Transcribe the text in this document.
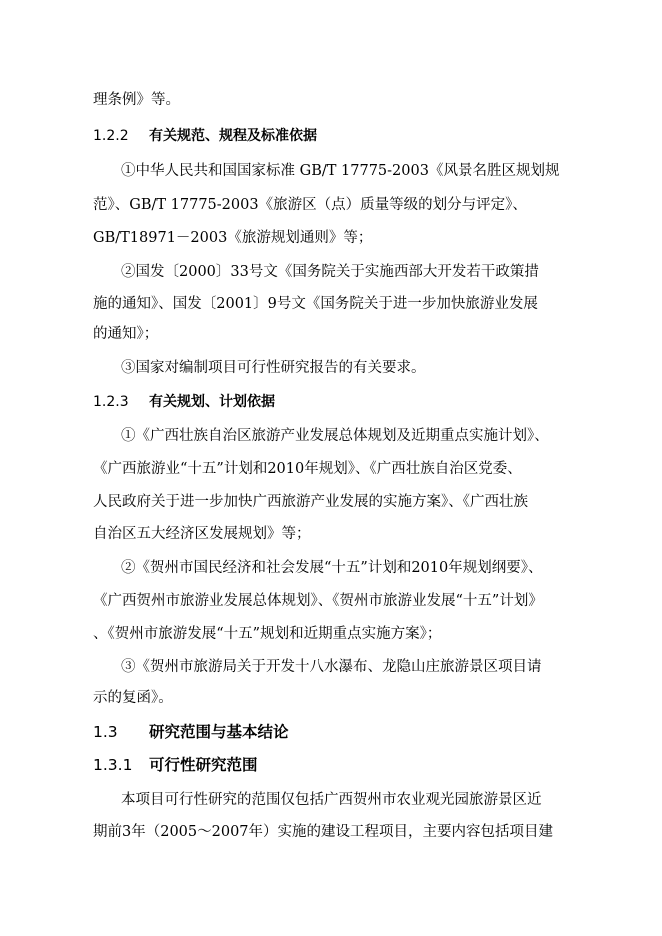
理条例》等。
1.2.2 有关规范、规程及标准依据
①中华人民共和国国家标准 GB/T 17775-2003《风景名胜区规划规
范》、GB/T 17775-2003《旅游区（点）质量等级的划分与评定》、
GB/T18971－2003《旅游规划通则》等；
②国发〔2000〕33号文《国务院关于实施西部大开发若干政策措
施的通知》、国发〔2001〕9号文《国务院关于进一步加快旅游业发展
的通知》；
③国家对编制项目可行性研究报告的有关要求。
1.2.3 有关规划、计划依据
①《广西壮族自治区旅游产业发展总体规划及近期重点实施计划》、
《广西旅游业“十五”计划和2010年规划》、《广西壮族自治区党委、
人民政府关于进一步加快广西旅游产业发展的实施方案》、《广西壮族
自治区五大经济区发展规划》等；
②《贺州市国民经济和社会发展“十五”计划和2010年规划纲要》、
《广西贺州市旅游业发展总体规划》、《贺州市旅游业发展“十五”计划》
、《贺州市旅游发展“十五”规划和近期重点实施方案》；
③《贺州市旅游局关于开发十八水瀑布、龙隐山庄旅游景区项目请
示的复函》。
1.3 研究范围与基本结论
1.3.1 可行性研究范围
本项目可行性研究的范围仅包括广西贺州市农业观光园旅游景区近
期前3年（2005～2007年）实施的建设工程项目，主要内容包括项目建
